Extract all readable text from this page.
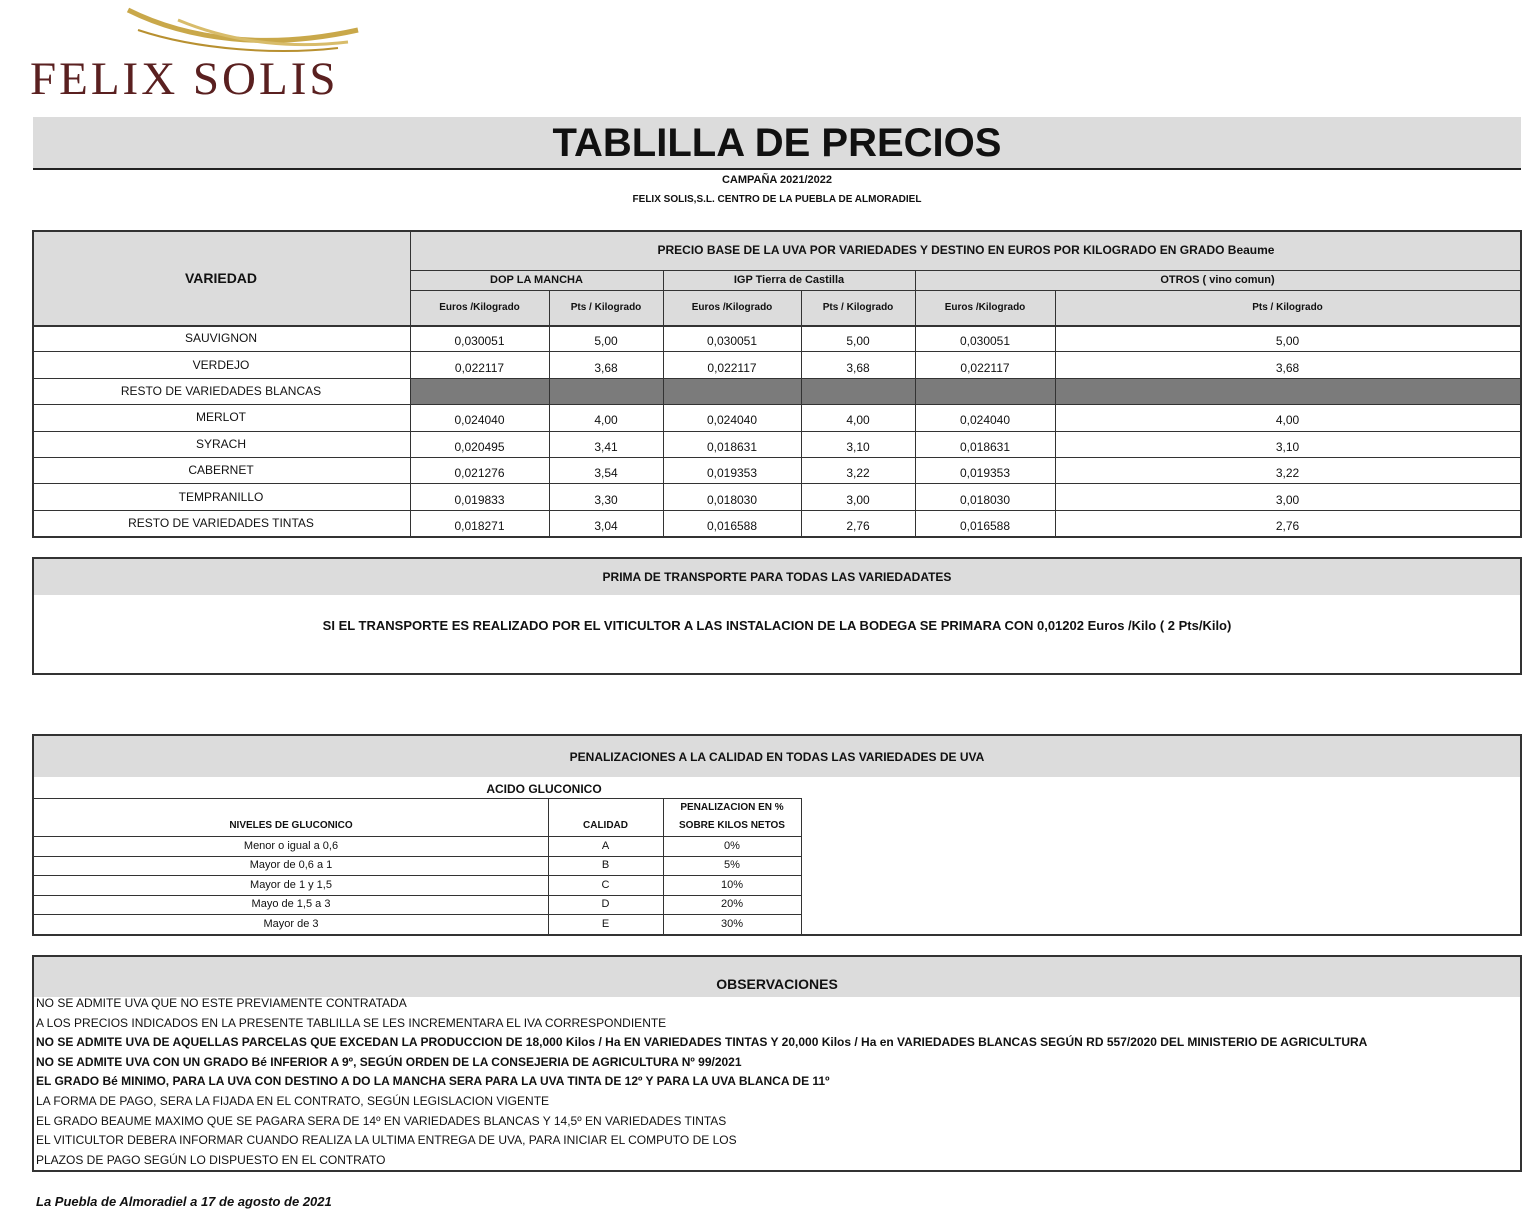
FELIX SOLIS
TABLILLA DE PRECIOS
CAMPAÑA 2021/2022
FELIX SOLIS,S.L. CENTRO DE LA PUEBLA DE ALMORADIEL
VARIEDAD
PRECIO BASE DE LA UVA POR VARIEDADES Y DESTINO EN EUROS POR KILOGRADO EN GRADO Beaume
DOP LA MANCHA	IGP Tierra de Castilla	OTROS ( vino comun)
Euros /Kilogrado	Pts / Kilogrado	Euros /Kilogrado	Pts / Kilogrado	Euros /Kilogrado	Pts / Kilogrado
SAUVIGNON	0,030051	5,00	0,030051	5,00	0,030051	5,00
VERDEJO	0,022117	3,68	0,022117	3,68	0,022117	3,68
RESTO DE VARIEDADES BLANCAS
MERLOT	0,024040	4,00	0,024040	4,00	0,024040	4,00
SYRACH	0,020495	3,41	0,018631	3,10	0,018631	3,10
CABERNET	0,021276	3,54	0,019353	3,22	0,019353	3,22
TEMPRANILLO	0,019833	3,30	0,018030	3,00	0,018030	3,00
RESTO DE VARIEDADES TINTAS	0,018271	3,04	0,016588	2,76	0,016588	2,76
PRIMA DE TRANSPORTE PARA TODAS LAS VARIEDADATES
SI EL TRANSPORTE ES REALIZADO POR EL VITICULTOR A LAS INSTALACION DE LA BODEGA SE PRIMARA CON 0,01202 Euros /Kilo ( 2 Pts/Kilo)
PENALIZACIONES A LA CALIDAD EN TODAS LAS VARIEDADES DE UVA
ACIDO GLUCONICO
NIVELES DE GLUCONICO	CALIDAD
PENALIZACION EN %
SOBRE KILOS NETOS
Menor o igual a 0,6	A	0%
Mayor de 0,6 a 1	B	5%
Mayor de 1 y 1,5	C	10%
Mayo de 1,5 a 3	D	20%
Mayor de 3	E	30%
OBSERVACIONES
NO SE ADMITE UVA QUE NO ESTE PREVIAMENTE CONTRATADA
A LOS PRECIOS INDICADOS EN LA PRESENTE TABLILLA SE LES INCREMENTARA EL IVA CORRESPONDIENTE
NO SE ADMITE UVA DE AQUELLAS PARCELAS QUE EXCEDAN LA PRODUCCION DE 18,000 Kilos / Ha EN VARIEDADES TINTAS Y 20,000 Kilos / Ha en VARIEDADES BLANCAS SEGÚN RD 557/2020 DEL MINISTERIO DE AGRICULTURA
NO SE ADMITE UVA CON UN GRADO Bé INFERIOR A 9º, SEGÚN ORDEN DE LA CONSEJERIA DE AGRICULTURA Nº 99/2021
EL GRADO Bé MINIMO, PARA LA UVA CON DESTINO A DO LA MANCHA SERA PARA LA UVA TINTA DE 12º Y PARA LA UVA BLANCA DE 11º
LA FORMA DE PAGO, SERA LA FIJADA EN EL CONTRATO, SEGÚN LEGISLACION VIGENTE
EL GRADO BEAUME MAXIMO QUE SE PAGARA SERA DE 14º EN VARIEDADES BLANCAS Y 14,5º EN VARIEDADES TINTAS
EL VITICULTOR DEBERA INFORMAR CUANDO REALIZA LA ULTIMA ENTREGA DE UVA, PARA INICIAR EL COMPUTO DE LOS
PLAZOS DE PAGO SEGÚN LO DISPUESTO EN EL CONTRATO
La Puebla de Almoradiel a 17 de agosto de 2021
